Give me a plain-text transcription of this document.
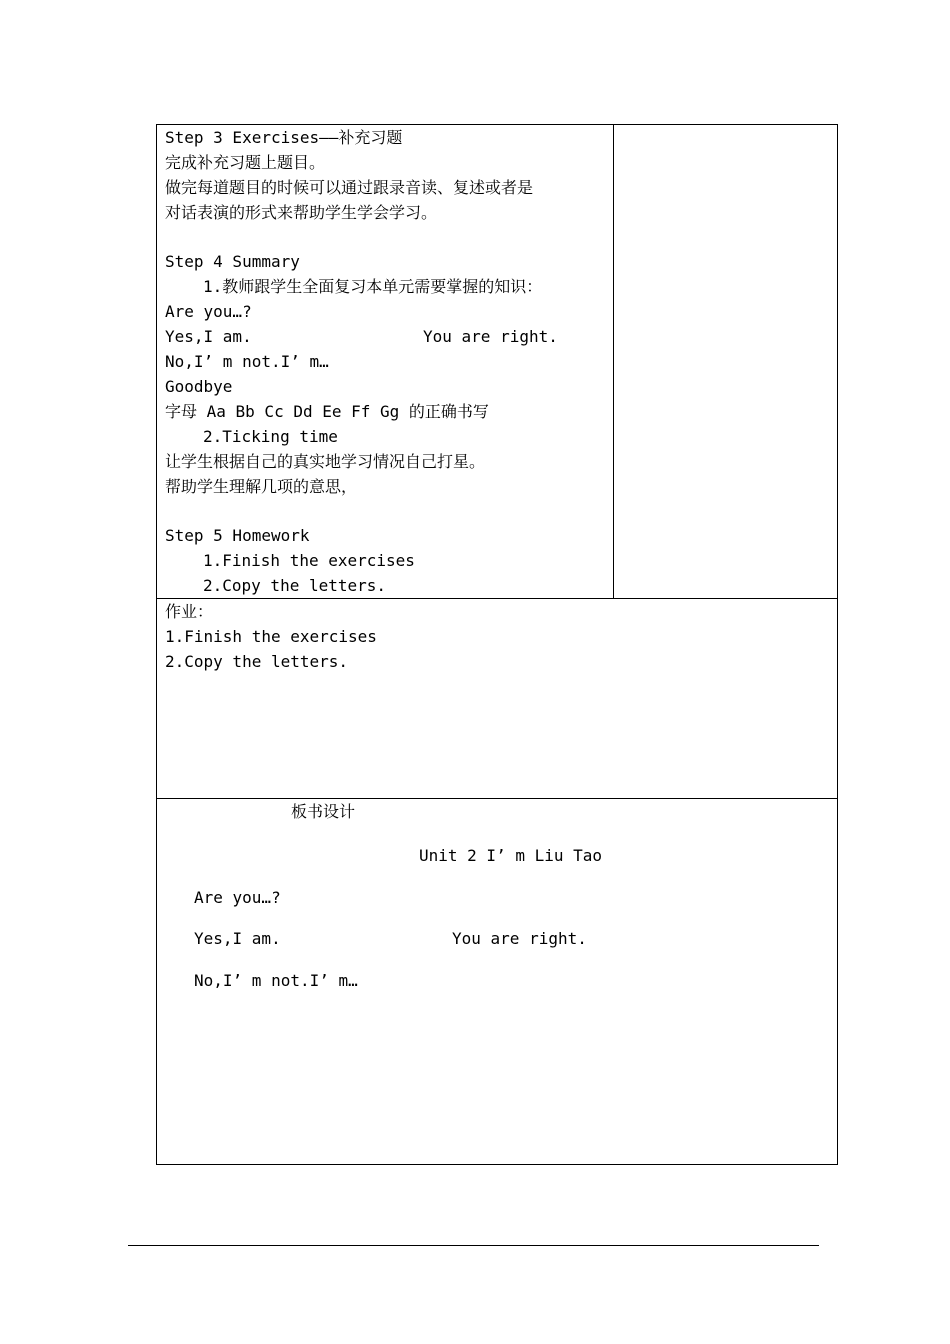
Step 3 Exercises——补充习题
完成补充习题上题目。
做完每道题目的时候可以通过跟录音读、复述或者是
对话表演的形式来帮助学生学会学习。
Step 4 Summary
1.教师跟学生全面复习本单元需要掌握的知识：
Are you…?
Yes,I am.	You are right.
No,I’ m not.I’ m…
Goodbye
字母 Aa Bb Cc Dd Ee Ff Gg 的正确书写
2.Ticking time
让学生根据自己的真实地学习情况自己打星。
帮助学生理解几项的意思，
Step 5 Homework
1.Finish the exercises
2.Copy the letters.
作业：
1.Finish the exercises
2.Copy the letters.
板书设计
Unit 2 I’ m Liu Tao
Are you…?
Yes,I am.	You are right.
No,I’ m not.I’ m…
